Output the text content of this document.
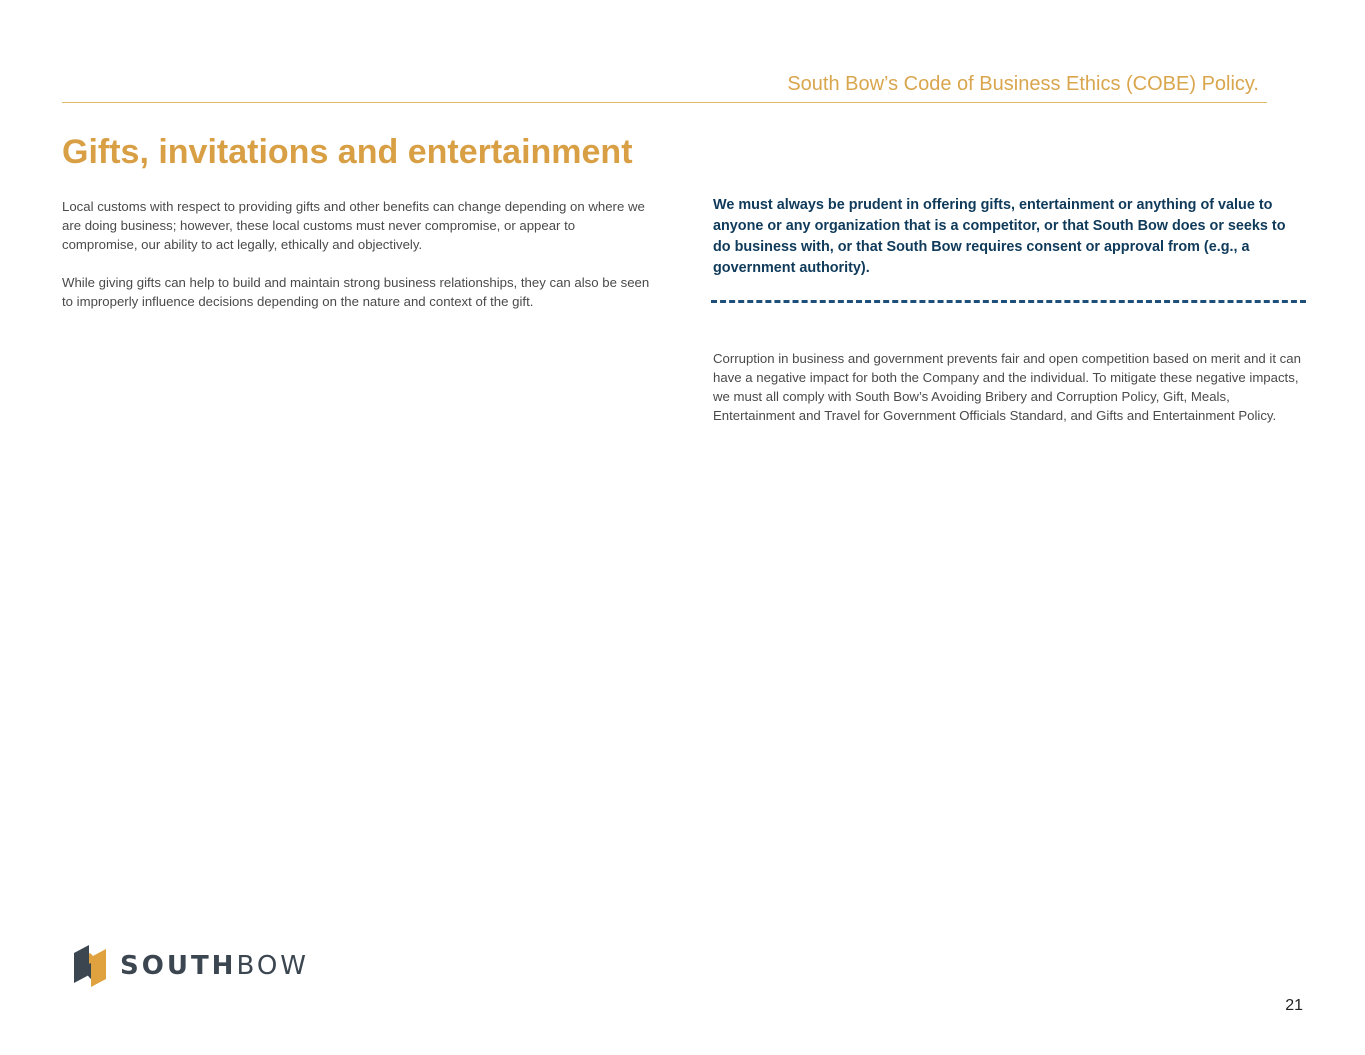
South Bow’s Code of Business Ethics (COBE) Policy.
Gifts, invitations and entertainment

Local customs with respect to providing gifts and other benefits can change depending on where we are doing business; however, these local customs must never compromise, or appear to compromise, our ability to act legally, ethically and objectively.

While giving gifts can help to build and maintain strong business relationships, they can also be seen to improperly influence decisions depending on the nature and context of the gift.

We must always be prudent in offering gifts, entertainment or anything of value to anyone or any organization that is a competitor, or that South Bow does or seeks to do business with, or that South Bow requires consent or approval from (e.g., a government authority).

Corruption in business and government prevents fair and open competition based on merit and it can have a negative impact for both the Company and the individual. To mitigate these negative impacts, we must all comply with South Bow’s Avoiding Bribery and Corruption Policy, Gift, Meals, Entertainment and Travel for Government Officials Standard, and Gifts and Entertainment Policy.

SOUTHBOW
21
